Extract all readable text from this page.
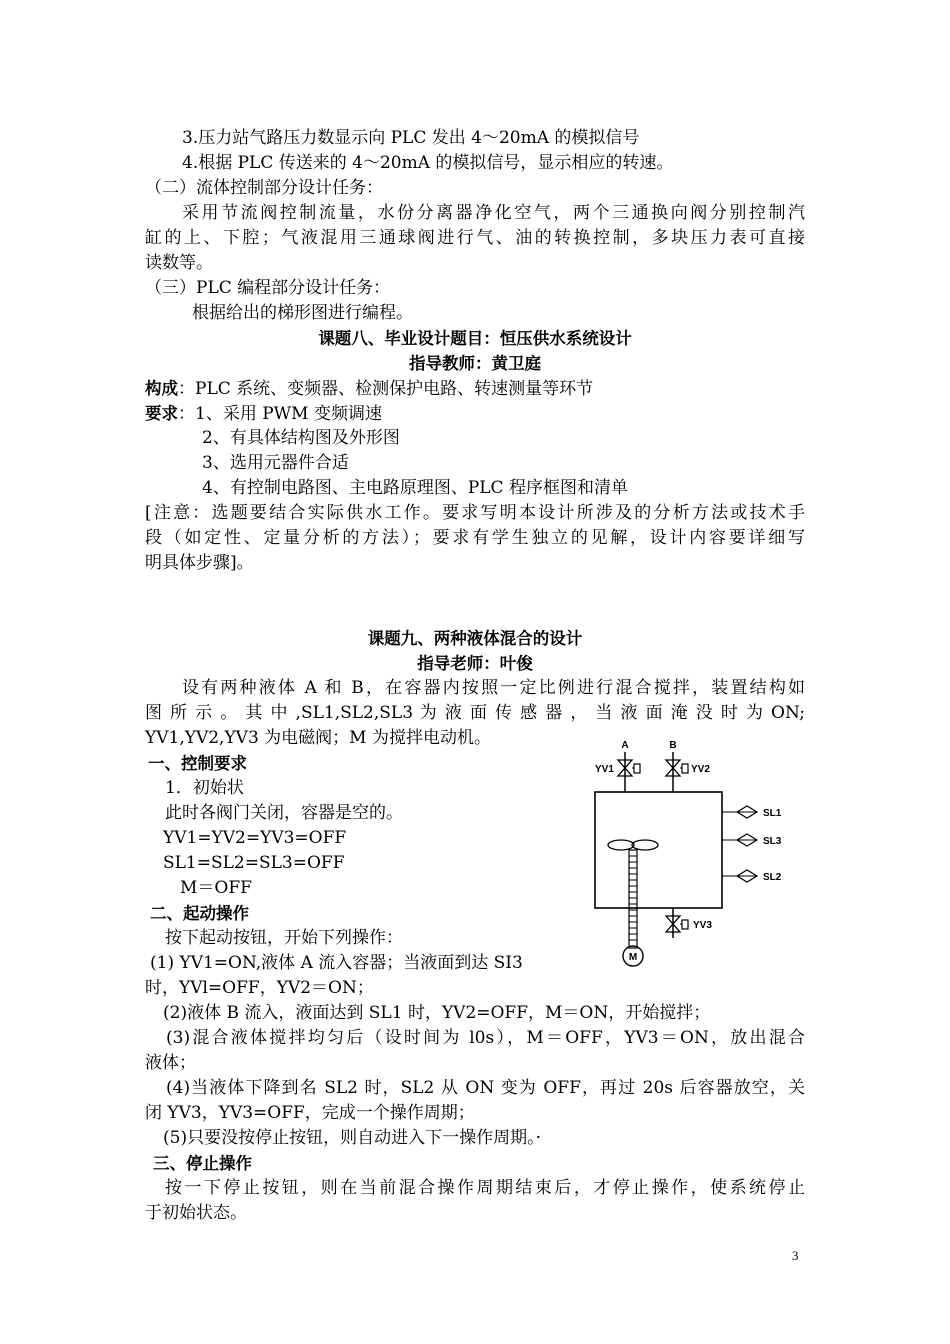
3.压力站气路压力数显示向 PLC 发出 4～20mA 的模拟信号
4.根据 PLC 传送来的 4～20mA 的模拟信号，显示相应的转速。
（二）流体控制部分设计任务：
采用节流阀控制流量，水份分离器净化空气，两个三通换向阀分别控制汽
缸的上、下腔；气液混用三通球阀进行气、油的转换控制，多块压力表可直接
读数等。
（三）PLC 编程部分设计任务：
根据给出的梯形图进行编程。
课题八、毕业设计题目：恒压供水系统设计
指导教师：黄卫庭
构成：PLC 系统、变频器、检测保护电路、转速测量等环节
要求：1、采用 PWM 变频调速
2、有具体结构图及外形图
3、选用元器件合适
4、有控制电路图、主电路原理图、PLC 程序框图和清单
[注意：选题要结合实际供水工作。要求写明本设计所涉及的分析方法或技术手
段（如定性、定量分析的方法）；要求有学生独立的见解，设计内容要详细写
明具体步骤]。
课题九、两种液体混合的设计
指导老师：叶俊
设有两种液体 A 和 B，在容器内按照一定比例进行混合搅拌，装置结构如
图 所 示 。 其 中 ,SL1,SL2,SL3 为 液 面 传 感 器 ， 当 液 面 淹 没 时 为 ON;
YV1,YV2,YV3 为电磁阀；M 为搅拌电动机。
一、控制要求
1．初始状
此时各阀门关闭，容器是空的。
YV1=YV2=YV3=OFF
SL1=SL2=SL3=OFF
M＝OFF
二、起动操作
按下起动按钮，开始下列操作：
(1) YV1=ON,液体 A 流入容器；当液面到达 SI3
时，YVl=OFF，YV2＝ON；
(2)液体 B 流入，液面达到 SL1 时，YV2=OFF，M＝ON，开始搅拌；
(3)混合液体搅拌均匀后（设时间为 l0s），M＝OFF，YV3＝ON，放出混合
液体；
(4)当液体下降到名 SL2 时，SL2 从 ON 变为 OFF，再过 20s 后容器放空，关
闭 YV3，YV3=OFF，完成一个操作周期；
(5)只要没按停止按钮，则自动进入下一操作周期。·
三、停止操作
按一下停止按钮，则在当前混合操作周期结束后，才停止操作，使系统停止
于初始状态。
A	B
YV1	YV2
SL1
SL3
SL2
YV3
M
3
